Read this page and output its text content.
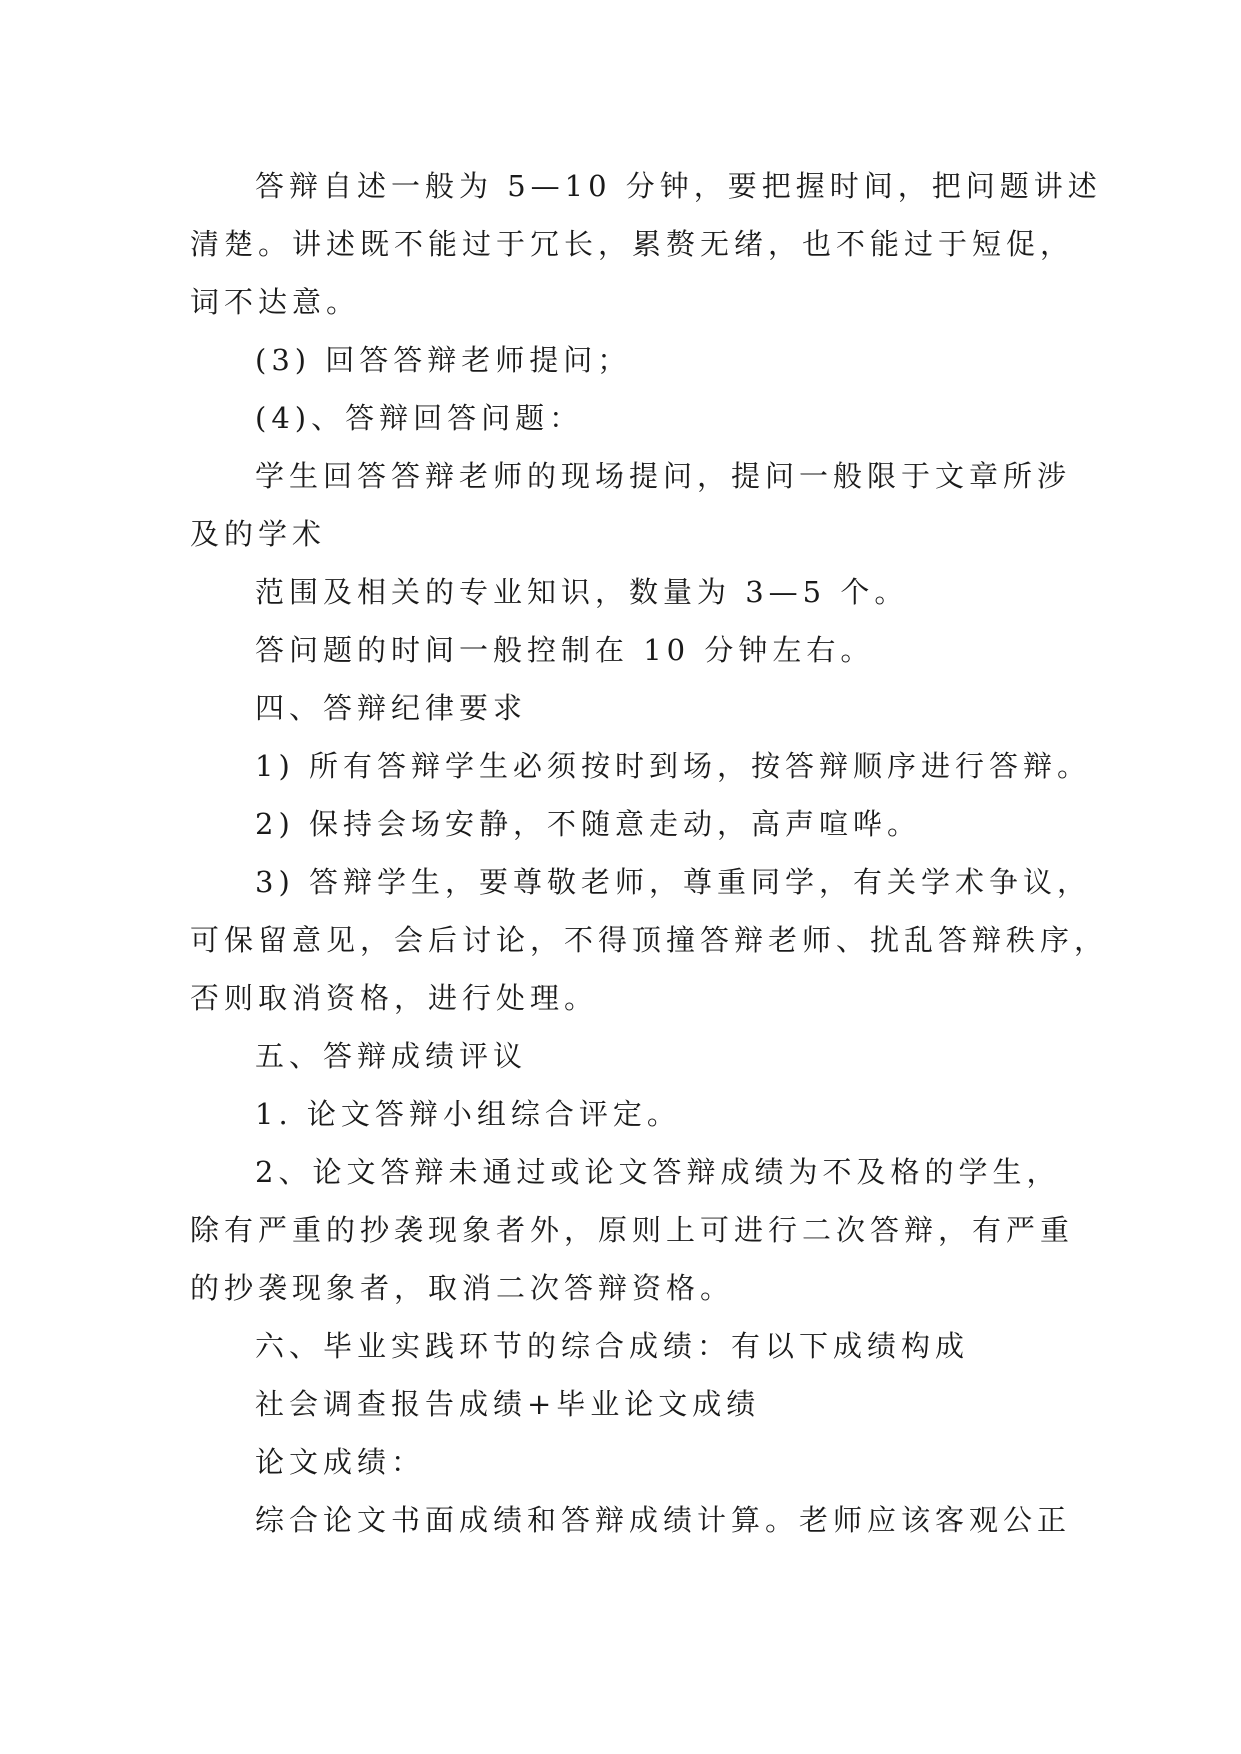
答辩自述一般为 5—10 分钟，要把握时间，把问题讲述
清楚。讲述既不能过于冗长，累赘无绪，也不能过于短促，
词不达意。
(3) 回答答辩老师提问；
(4)、答辩回答问题：
学生回答答辩老师的现场提问，提问一般限于文章所涉
及的学术
范围及相关的专业知识，数量为 3—5 个。
答问题的时间一般控制在 10 分钟左右。
四、答辩纪律要求
1) 所有答辩学生必须按时到场，按答辩顺序进行答辩。
2) 保持会场安静，不随意走动，高声喧哗。
3) 答辩学生，要尊敬老师，尊重同学，有关学术争议，
可保留意见，会后讨论，不得顶撞答辩老师、扰乱答辩秩序，
否则取消资格，进行处理。
五、答辩成绩评议
1. 论文答辩小组综合评定。
2、论文答辩未通过或论文答辩成绩为不及格的学生，
除有严重的抄袭现象者外，原则上可进行二次答辩，有严重
的抄袭现象者，取消二次答辩资格。
六、毕业实践环节的综合成绩：有以下成绩构成
社会调查报告成绩+毕业论文成绩
论文成绩：
综合论文书面成绩和答辩成绩计算。老师应该客观公正
